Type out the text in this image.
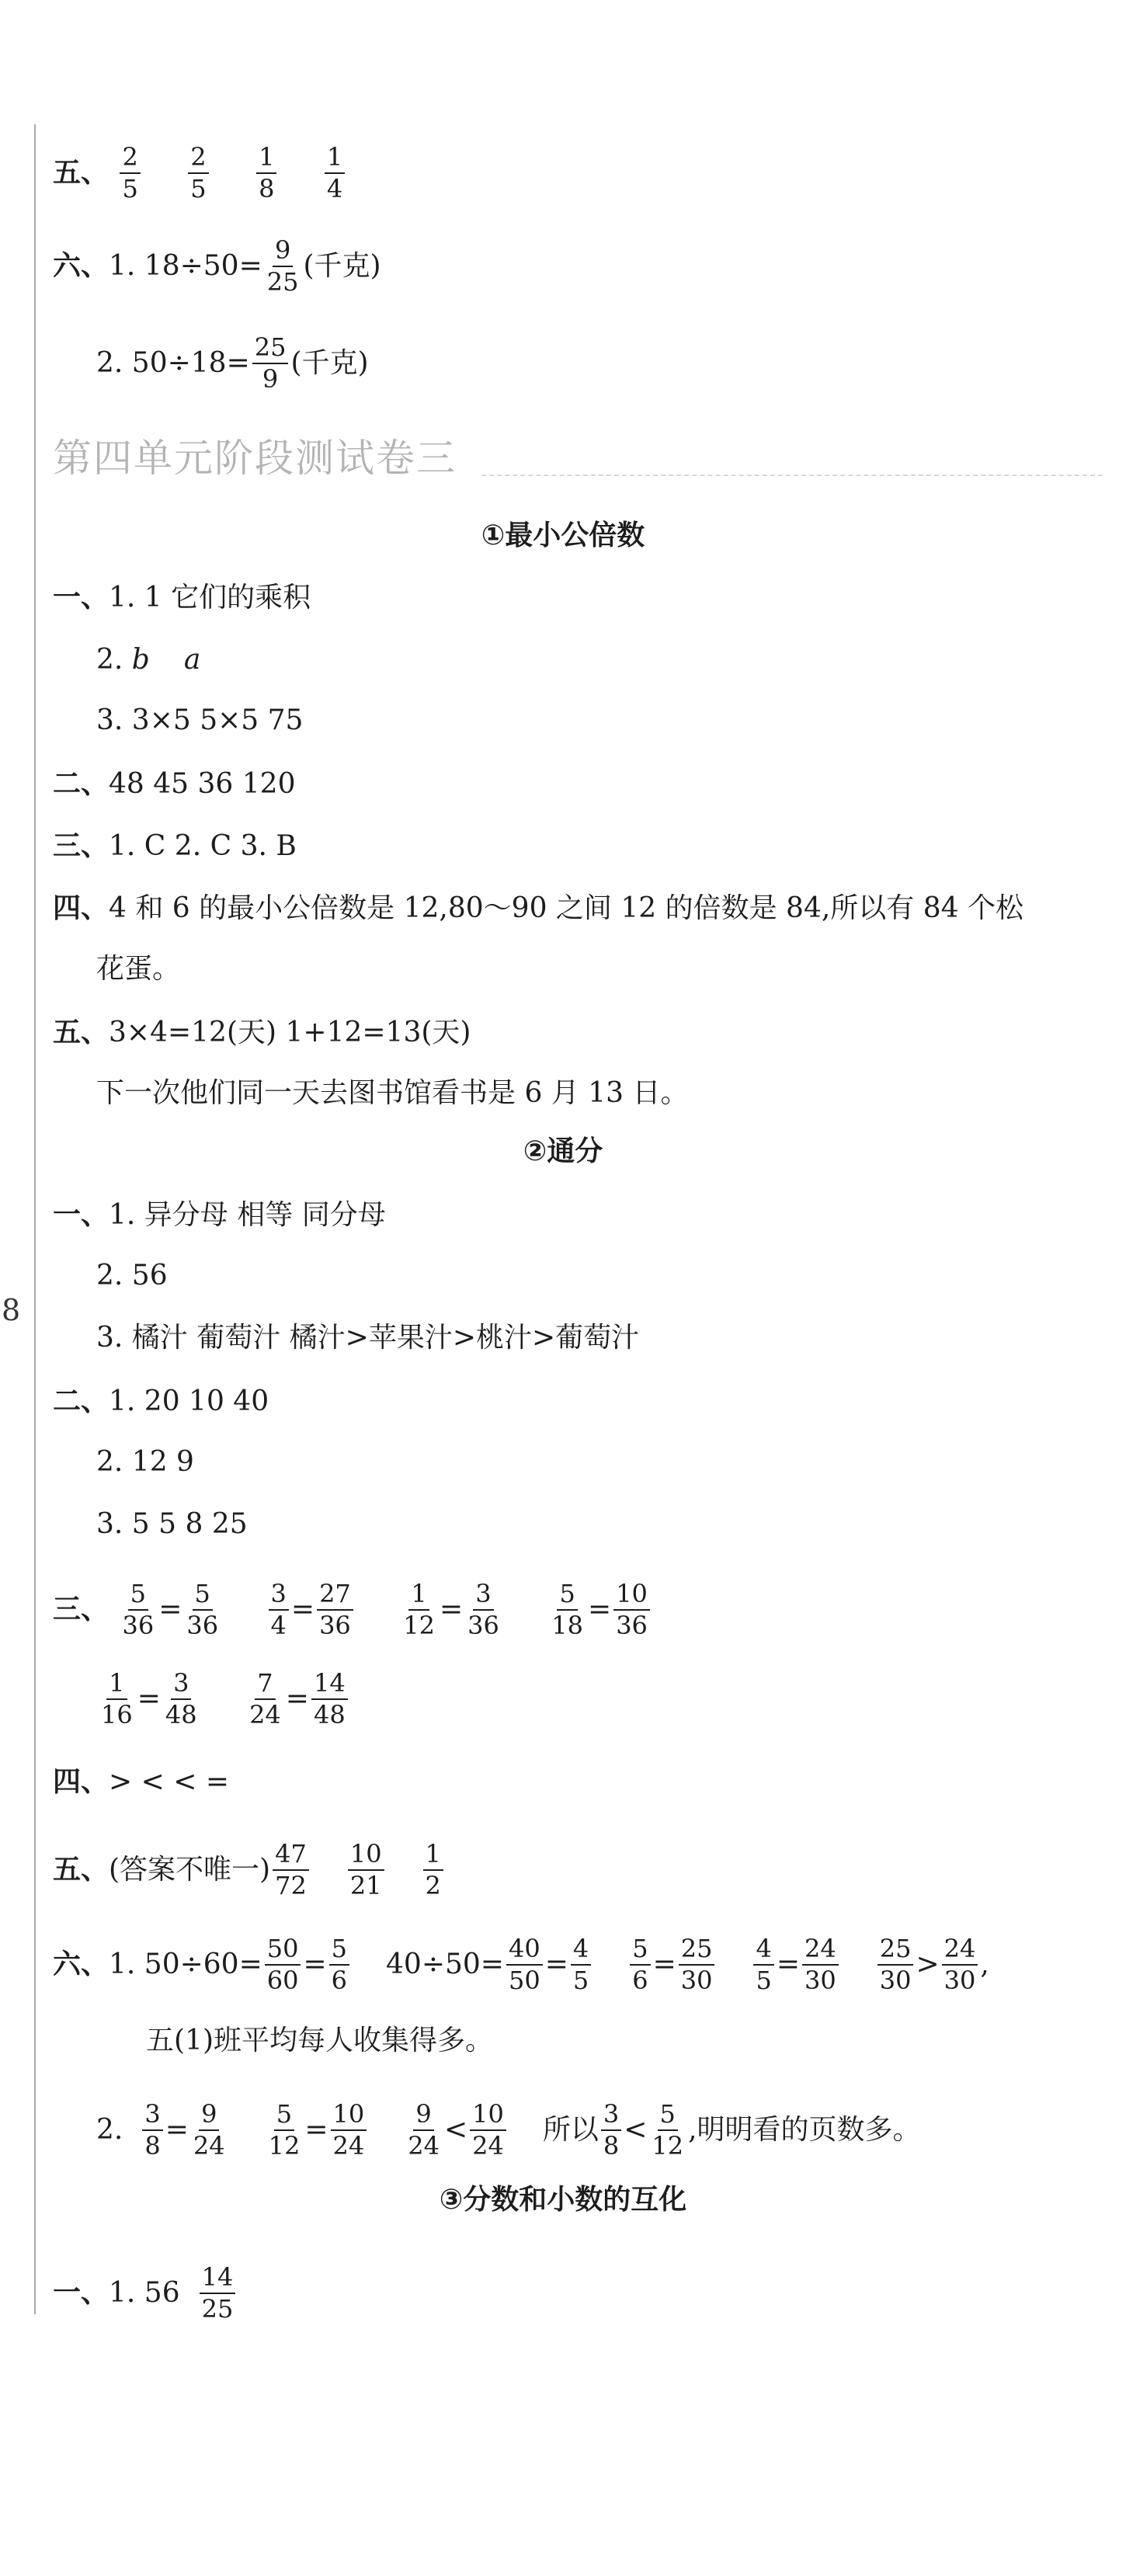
8
五、 $\frac{2}{5}$
$\frac{2}{5}$
$\frac{1}{8}$
$\frac{1}{4}$
六、1. $18\div 50= \frac{9}{25}$ (千克)
2. $50\div 18= \frac{25}{9}$ (千克)
第四单元阶段测试卷三
①最小公倍数
一、1. 1 它们的乘积
2. b a
3. 3×5 5×5 75
二、48 45 36 120
三、1. C 2. C 3. B
四、4 和 6 的最小公倍数是 12,80～90 之间 12 的倍数是 84,所以有 84 个松
花蛋。
五、3×4=12(天) 1+12=13(天)
下一次他们同一天去图书馆看书是 6 月 13 日。
②通分
一、1. 异分母 相等 同分母
2. 56
3. 橘汁 葡萄汁 橘汁>苹果汁>桃汁>葡萄汁
二、1. 20 10 40
2. 12 9
3. 5 5 8 25
三、 $\frac{5}{36} = \frac{5}{36}$
$\frac{3}{4} = \frac{27}{36}$
$\frac{1}{12} = \frac{3}{36}$
$\frac{5}{18} = \frac{10}{36}$
$\frac{1}{16} = \frac{3}{48}$
$\frac{7}{24} = \frac{14}{48}$
四、> < < =
五、(答案不唯一) $\frac{47}{72} \frac{10}{21} \frac{1}{2}$
六、1. $50\div 60= \frac{50}{60} = \frac{5}{6} 40\div 50= \frac{40}{50} = \frac{4}{5} \frac{5}{6} = \frac{25}{30} \frac{4}{5} = \frac{24}{30} \frac{25}{30} > \frac{24}{30}$ ,
五(1)班平均每人收集得多。
2. $\frac{3}{8} = \frac{9}{24} \frac{5}{12} = \frac{10}{24} \frac{9}{24} < \frac{10}{24}$ 所以 $\frac{3}{8} < \frac{5}{12}$ ,明明看的页数多。
③分数和小数的互化
一、1. $56 \frac{14}{25}$
